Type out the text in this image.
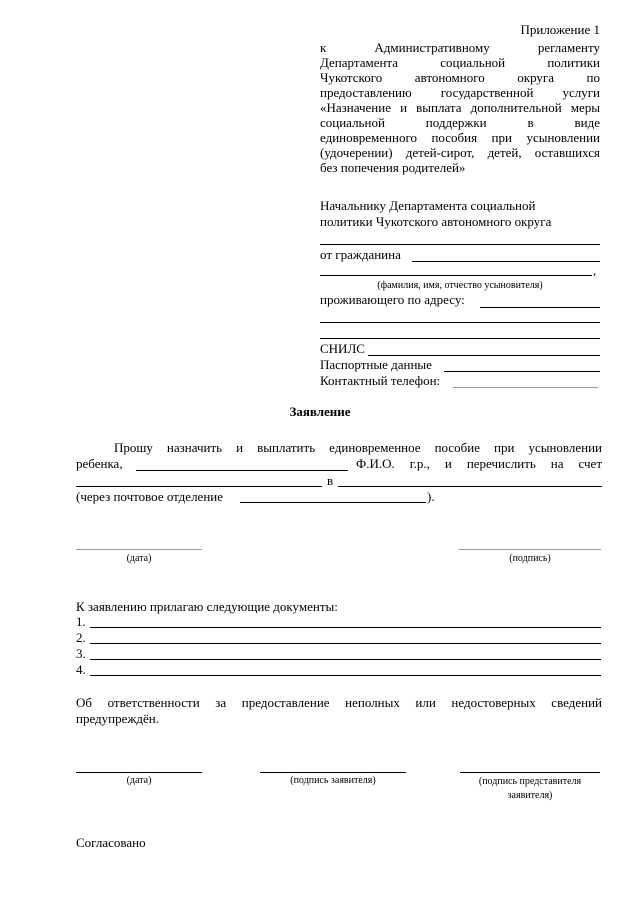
Приложение 1
к Административному регламенту
Департамента социальной политики
Чукотского автономного округа по
предоставлению государственной услуги
«Назначение и выплата дополнительной меры
социальной поддержки в виде
единовременного пособия при усыновлении
(удочерении) детей-сирот, детей, оставшихся
без попечения родителей»
Начальнику Департамента социальной
политики Чукотского автономного округа
от гражданина
,
(фамилия, имя, отчество усыновителя)
проживающего по адресу:
СНИЛС
Паспортные данные
Контактный телефон:
Заявление
Прошу назначить и выплатить единовременное пособие при усыновлении
ребенка,	Ф.И.О. г.р., и перечислить на счет
в
(через почтовое отделение	).
(дата)	(подпись)
К заявлению прилагаю следующие документы:
1.
2.
3.
4.
Об ответственности за предоставление неполных или недостоверных сведений
предупреждён.
(дата)	(подпись заявителя)	(подпись представителя
заявителя)
Согласовано
